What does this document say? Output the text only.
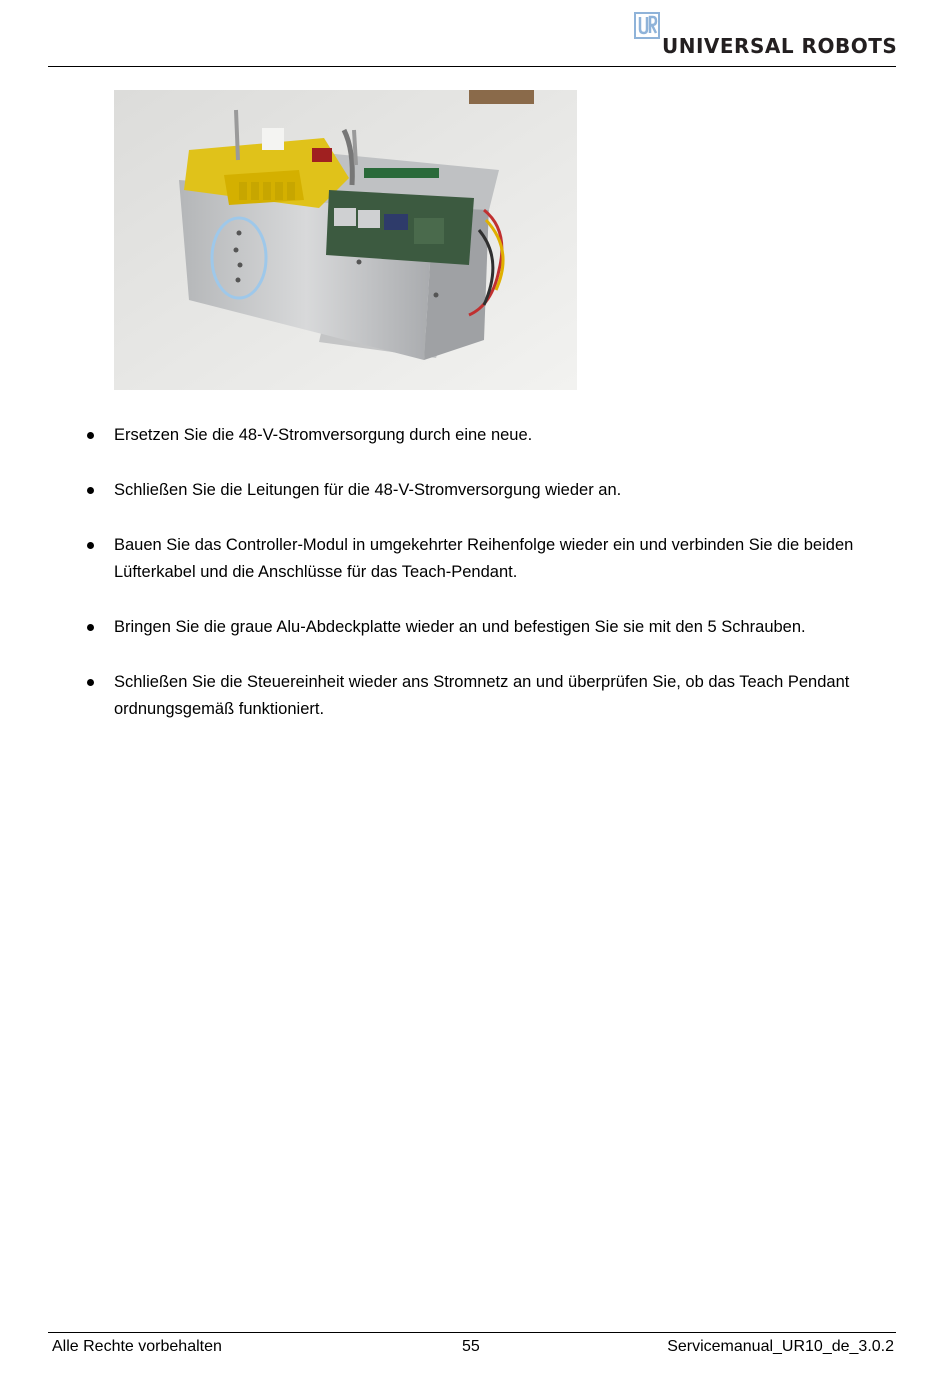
UNIVERSAL ROBOTS
Ersetzen Sie die 48-V-Stromversorgung durch eine neue.
Schließen Sie die Leitungen für die 48-V-Stromversorgung wieder an.
Bauen Sie das Controller-Modul in umgekehrter Reihenfolge wieder ein und verbinden Sie die beiden Lüfterkabel und die Anschlüsse für das Teach-Pendant.
Bringen Sie die graue Alu-Abdeckplatte wieder an und befestigen Sie sie mit den 5 Schrauben.
Schließen Sie die Steuereinheit wieder ans Stromnetz an und überprüfen Sie, ob das Teach Pendant ordnungsgemäß funktioniert.
Alle Rechte vorbehalten	55	Servicemanual_UR10_de_3.0.2
